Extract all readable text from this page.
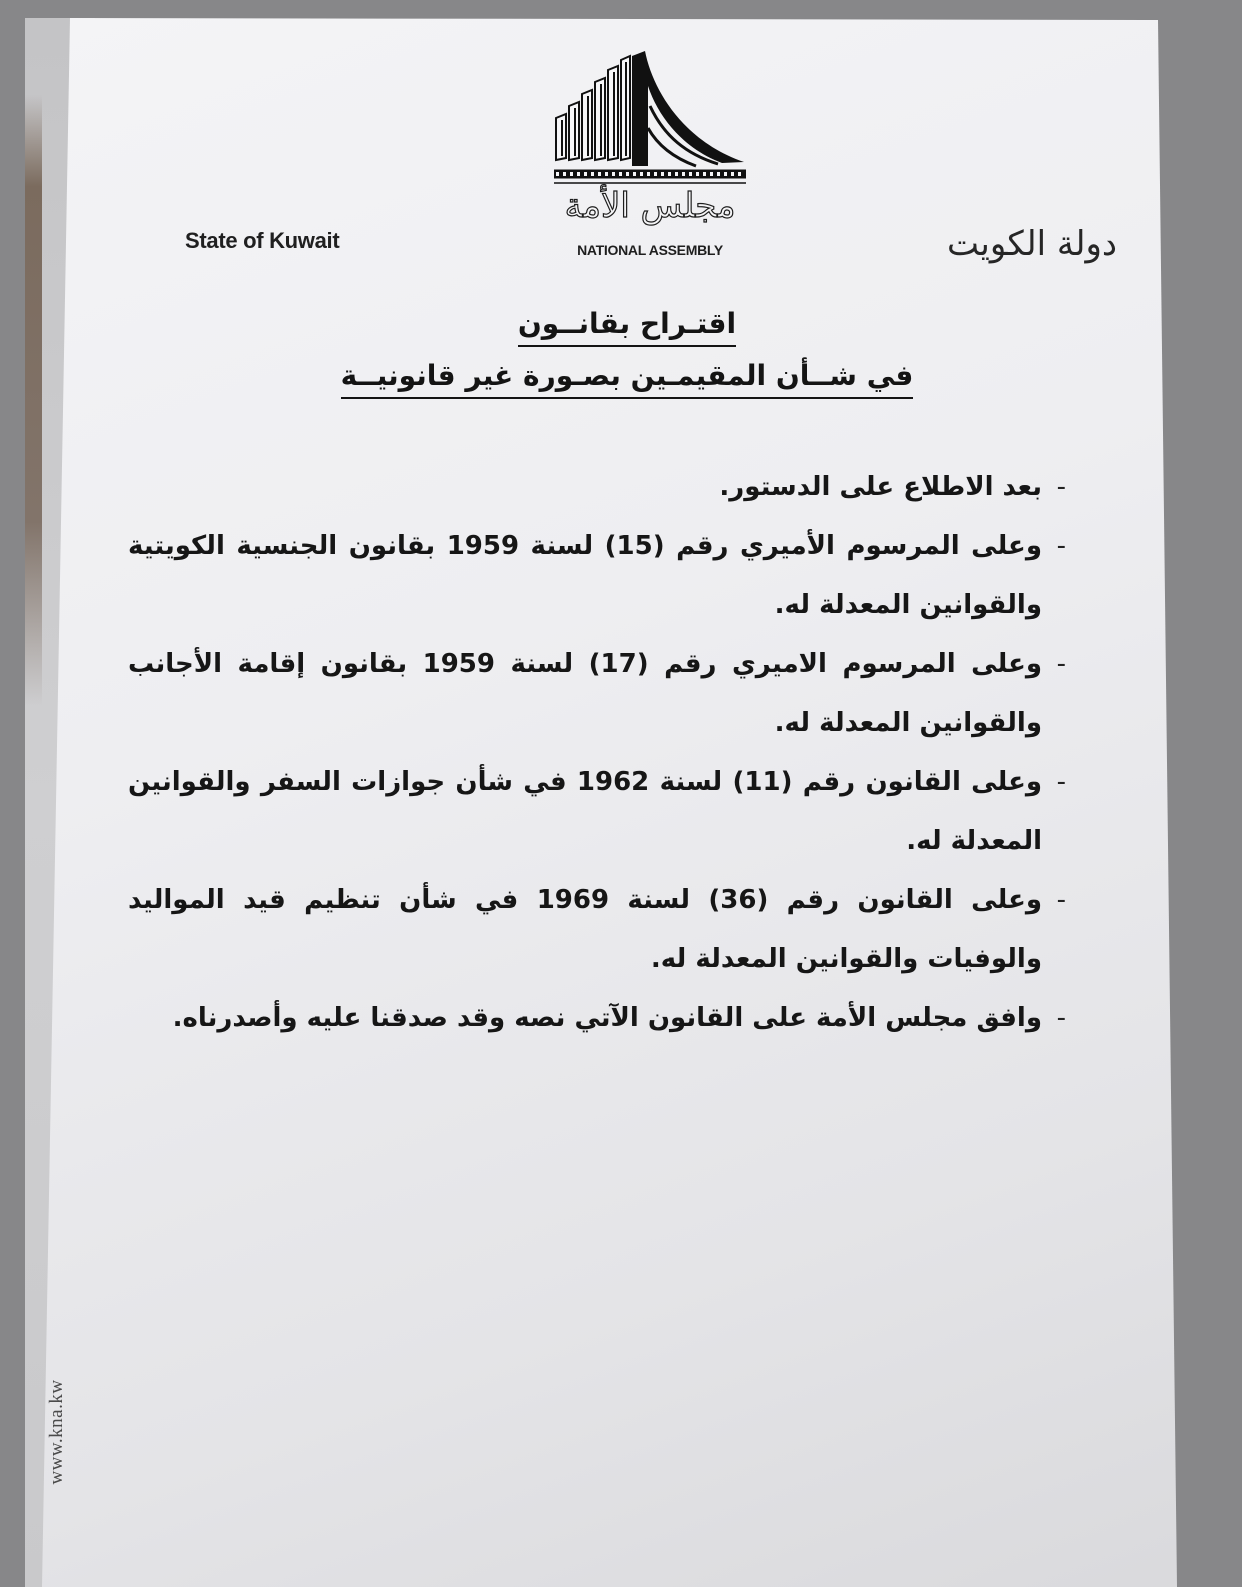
مجلس الأمة
NATIONAL ASSEMBLY
State of Kuwait	دولة الكويت
اقتـراح بقانــون
في شــأن المقيمـين بصـورة غير قانونيــة
-
بعد الاطلاع على الدستور.
-
وعلى المرسوم الأميري رقم (15) لسنة 1959 بقانون الجنسية الكويتية والقوانين المعدلة له.
-
وعلى المرسوم الاميري رقم (17) لسنة 1959 بقانون إقامة الأجانب والقوانين المعدلة له.
-
وعلى القانون رقم (11) لسنة 1962 في شأن جوازات السفر والقوانين المعدلة له.
-
وعلى القانون رقم (36) لسنة 1969 في شأن تنظيم قيد المواليد والوفيات والقوانين المعدلة له.
-
وافق مجلس الأمة على القانون الآتي نصه وقد صدقنا عليه وأصدرناه.
www.kna.kw
